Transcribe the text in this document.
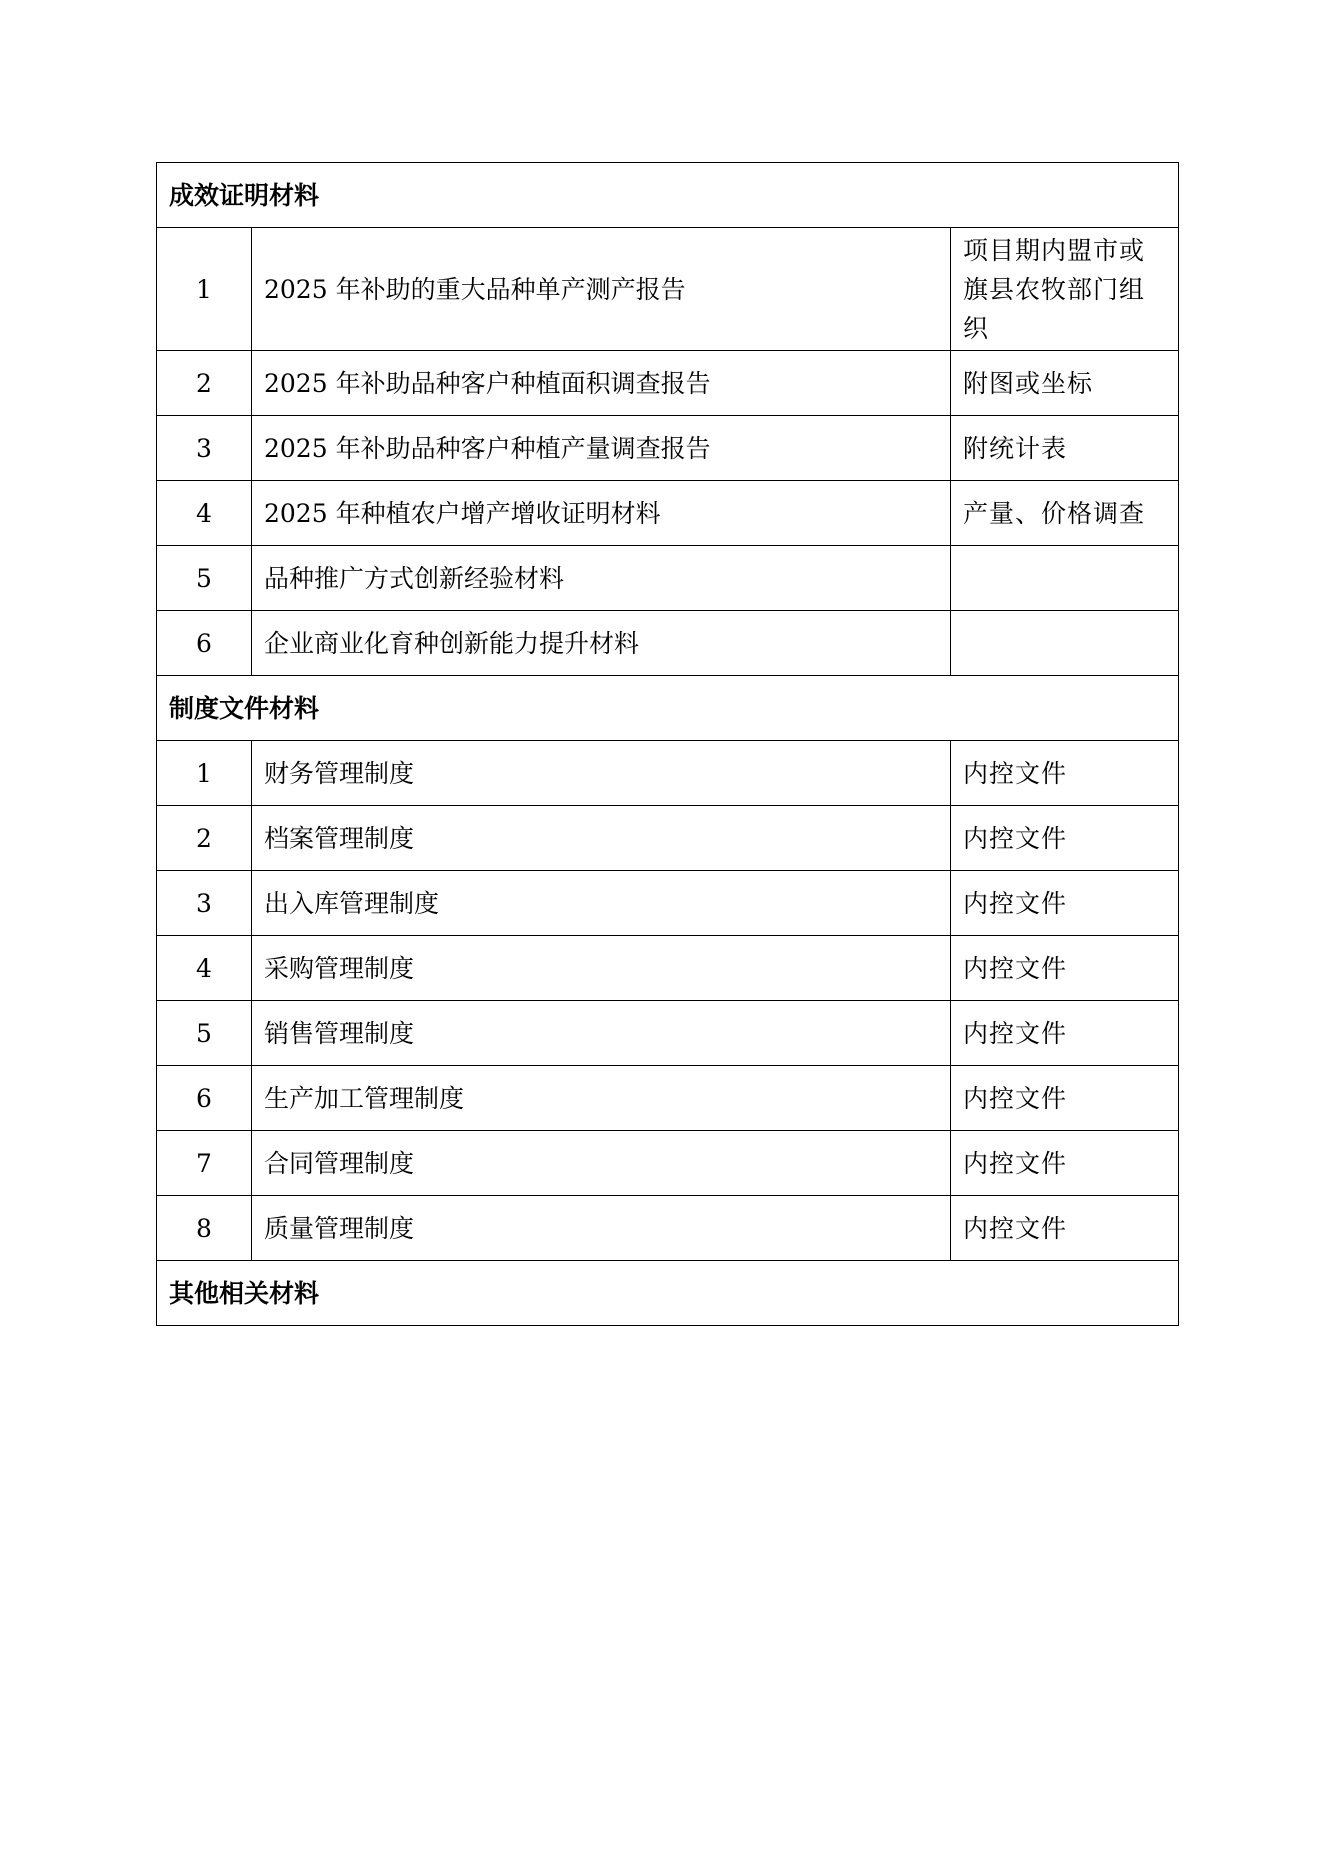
成效证明材料		
1	2025 年补助的重大品种单产测产报告	项目期内盟市或旗县农牧部门组织
2	2025 年补助品种客户种植面积调查报告	附图或坐标
3	2025 年补助品种客户种植产量调查报告	附统计表
4	2025 年种植农户增产增收证明材料	产量、价格调查
5	品种推广方式创新经验材料	
6	企业商业化育种创新能力提升材料	
制度文件材料		
1	财务管理制度	内控文件
2	档案管理制度	内控文件
3	出入库管理制度	内控文件
4	采购管理制度	内控文件
5	销售管理制度	内控文件
6	生产加工管理制度	内控文件
7	合同管理制度	内控文件
8	质量管理制度	内控文件
其他相关材料		
